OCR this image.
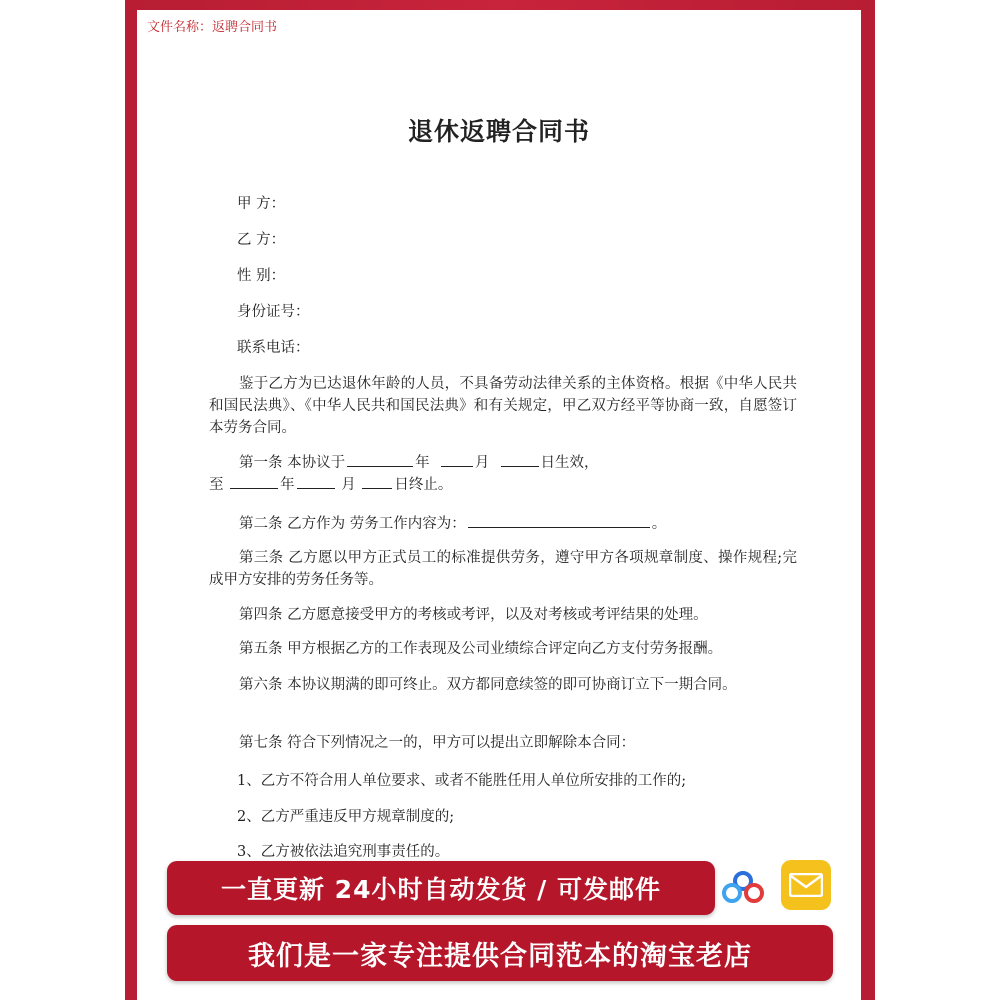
文件名称：返聘合同书
退休返聘合同书
甲 方：
乙 方：
性 别：
身份证号：
联系电话：
鉴于乙方为已达退休年龄的人员，不具备劳动法律关系的主体资格。根据《中华人民共和国民法典》、《中华人民共和国民法典》和有关规定，甲乙双方经平等协商一致，自愿签订本劳务合同。
第一条 本协议于	年	月	日生效，
至	年	月	日终止。
第二条 乙方作为 劳务工作内容为：	。
第三条 乙方愿以甲方正式员工的标准提供劳务，遵守甲方各项规章制度、操作规程;完成甲方安排的劳务任务等。
第四条 乙方愿意接受甲方的考核或考评，以及对考核或考评结果的处理。
第五条 甲方根据乙方的工作表现及公司业绩综合评定向乙方支付劳务报酬。
第六条 本协议期满的即可终止。双方都同意续签的即可协商订立下一期合同。
第七条 符合下列情况之一的，甲方可以提出立即解除本合同：
1、乙方不符合用人单位要求、或者不能胜任用人单位所安排的工作的;
2、乙方严重违反甲方规章制度的;
3、乙方被依法追究刑事责任的。
一直更新 24小时自动发货 / 可发邮件
我们是一家专注提供合同范本的淘宝老店
